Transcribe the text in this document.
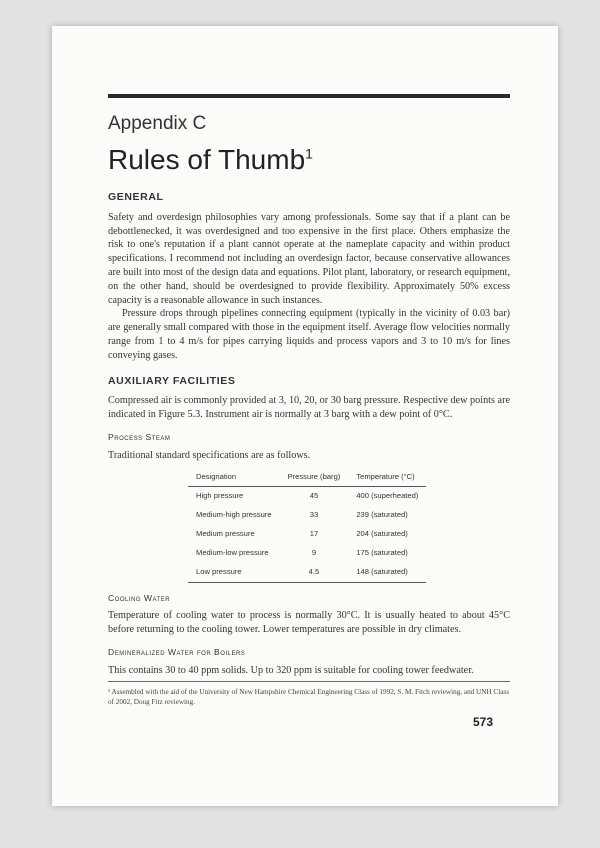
Appendix C
Rules of Thumb$^1$
GENERAL

Safety and overdesign philosophies vary among professionals. Some say that if a plant can be debottlenecked, it was overdesigned and too expensive in the first place. Others emphasize the risk to one's reputation if a plant cannot operate at the nameplate capacity and within product specifications. I recommend not including an overdesign factor, because conservative allowances are built into most of the design data and equations. Pilot plant, laboratory, or research equipment, on the other hand, should be overdesigned to provide flexibility. Approximately 50% excess capacity is a reasonable allowance in such instances.

Pressure drops through pipelines connecting equipment (typically in the vicinity of 0.03 bar) are generally small compared with those in the equipment itself. Average flow velocities normally range from 1 to 4 m/s for pipes carrying liquids and process vapors and 3 to 10 m/s for lines conveying gases.

AUXILIARY FACILITIES

Compressed air is commonly provided at 3, 10, 20, or 30 barg pressure. Respective dew points are indicated in Figure 5.3. Instrument air is normally at 3 barg with a dew point of 0°C.

Process Steam

Traditional standard specifications are as follows.

Designation	Pressure (barg)	Temperature (°C)
High pressure	45	400 (superheated)
Medium-high pressure	33	239 (saturated)
Medium pressure	17	204 (saturated)
Medium-low pressure	9	175 (saturated)
Low pressure	4.5	148 (saturated)
Cooling Water

Temperature of cooling water to process is normally 30°C. It is usually heated to about 45°C before returning to the cooling tower. Lower temperatures are possible in dry climates.

Demineralized Water for Boilers

This contains 30 to 40 ppm solids. Up to 320 ppm is suitable for cooling tower feedwater.

¹ Assembled with the aid of the University of New Hampshire Chemical Engineering Class of 1992, S. M. Fitch reviewing, and UNH Class of 2002, Doug Fitz reviewing.
573
